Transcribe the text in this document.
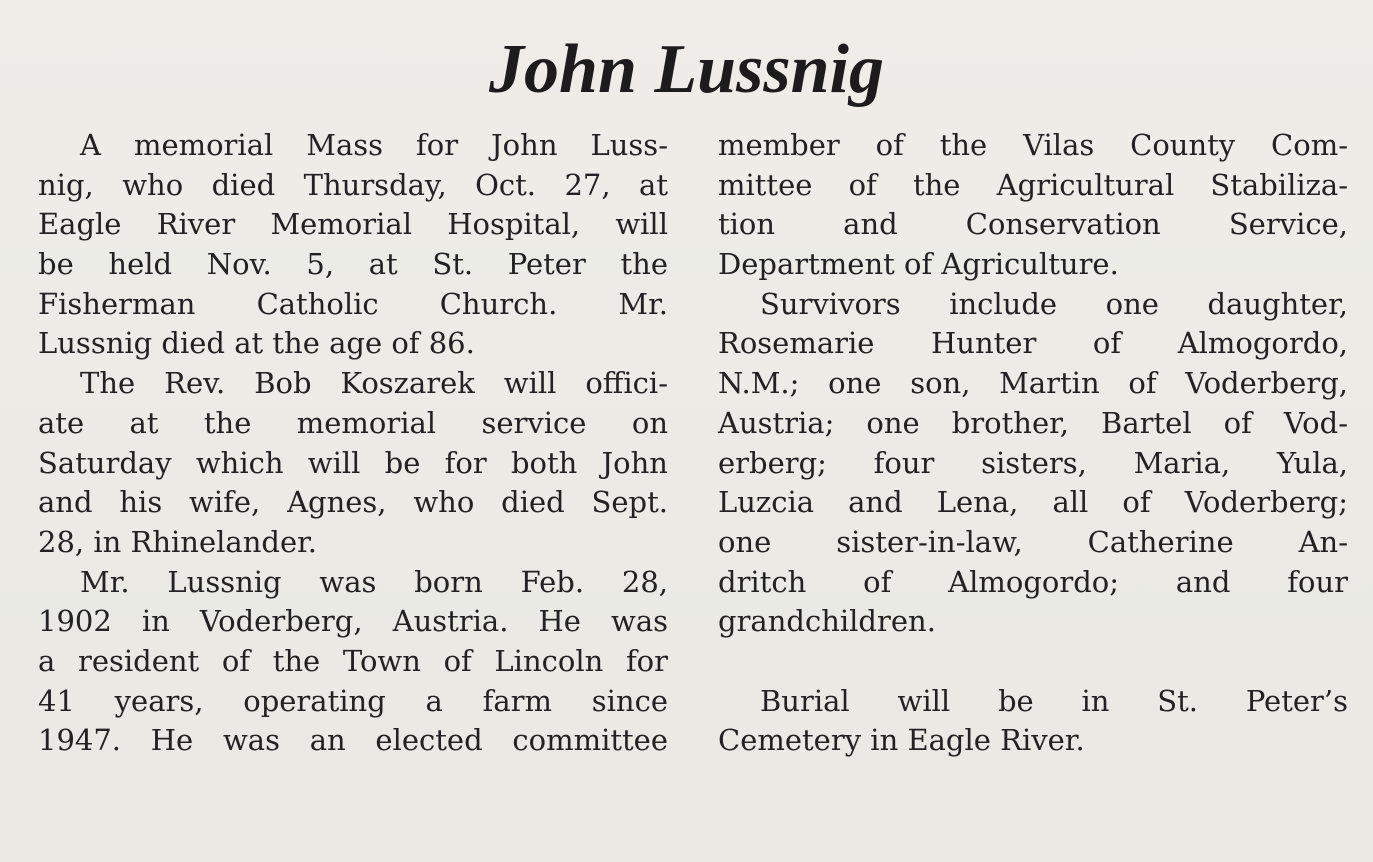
John Lussnig
A memorial Mass for John Luss-
nig, who died Thursday, Oct. 27, at
Eagle River Memorial Hospital, will
be held Nov. 5, at St. Peter the
Fisherman Catholic Church. Mr.
Lussnig died at the age of 86.
The Rev. Bob Koszarek will offici-
ate at the memorial service on
Saturday which will be for both John
and his wife, Agnes, who died Sept.
28, in Rhinelander.
Mr. Lussnig was born Feb. 28,
1902 in Voderberg, Austria. He was
a resident of the Town of Lincoln for
41 years, operating a farm since
1947. He was an elected committee
member of the Vilas County Com-
mittee of the Agricultural Stabiliza-
tion and Conservation Service,
Department of Agriculture.
Survivors include one daughter,
Rosemarie Hunter of Almogordo,
N.M.; one son, Martin of Voderberg,
Austria; one brother, Bartel of Vod-
erberg; four sisters, Maria, Yula,
Luzcia and Lena, all of Voderberg;
one sister-in-law, Catherine An-
dritch of Almogordo; and four
grandchildren.
Burial will be in St. Peter’s
Cemetery in Eagle River.
